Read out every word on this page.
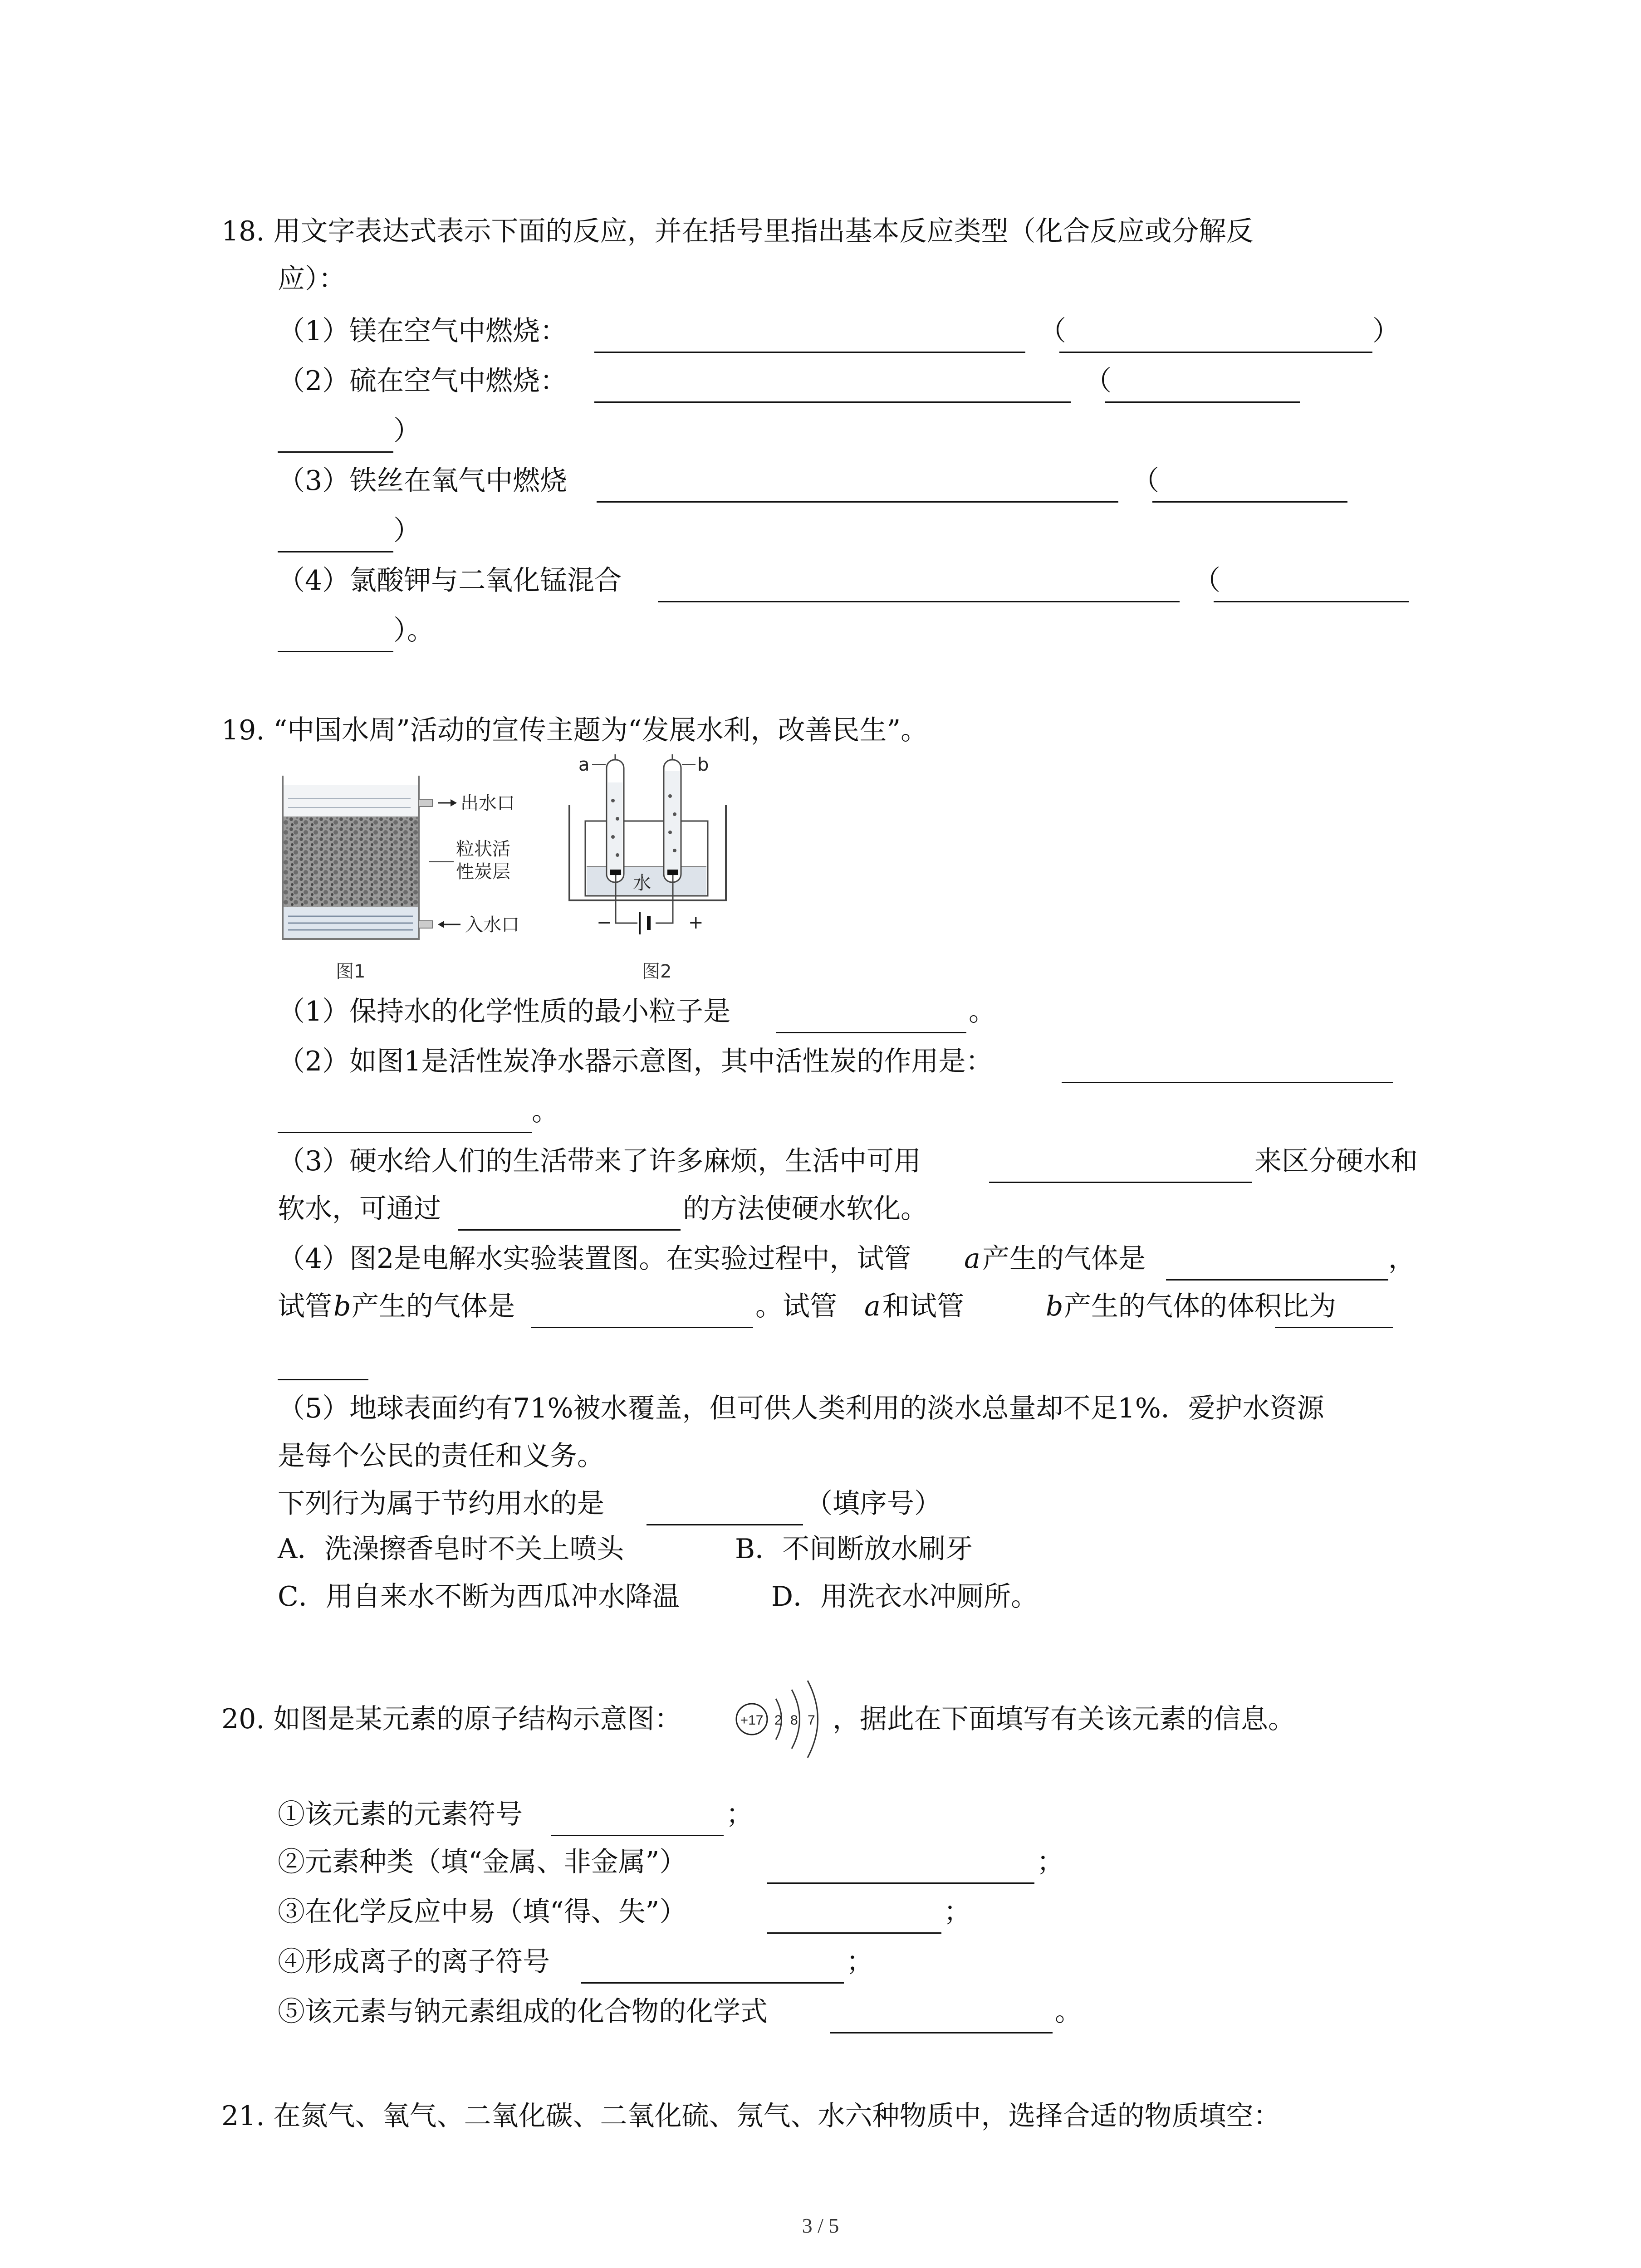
18. 用文字表达式表示下面的反应，并在括号里指出基本反应类型（化合反应或分解反
应）：
（1）镁在空气中燃烧：	（	）
（2）硫在空气中燃烧：	（
）
（3）铁丝在氧气中燃烧	（
）
（4）氯酸钾与二氧化锰混合	（
）。
19. “中国水周”活动的宣传主题为“发展水利，改善民生”。
出水口
粒状活
性炭层
入水口
图1
a	b
水
−	+
图2
（1）保持水的化学性质的最小粒子是	。
（2）如图1是活性炭净水器示意图，其中活性炭的作用是：
。
（3）硬水给人们的生活带来了许多麻烦，生活中可用	来区分硬水和
软水，可通过	的方法使硬水软化。
（4）图2是电解水实验装置图。在实验过程中，试管 a 产生的气体是	，
试管 b 产生的气体是	。试管 a 和试管	b 产生的气体的体积比为
（5）地球表面约有71%被水覆盖，但可供人类利用的淡水总量却不足1%．爱护水资源
是每个公民的责任和义务。
下列行为属于节约用水的是	（填序号）
A．洗澡擦香皂时不关上喷头	B．不间断放水刷牙
C．用自来水不断为西瓜冲水降温	D．用洗衣水冲厕所。
20. 如图是某元素的原子结构示意图：	+17 2 8 7 ，据此在下面填写有关该元素的信息。
①该元素的元素符号	；
②元素种类（填“金属、非金属”）	；
③在化学反应中易（填“得、失”）	；
④形成离子的离子符号	；
⑤该元素与钠元素组成的化合物的化学式	。
21. 在氮气、氧气、二氧化碳、二氧化硫、氖气、水六种物质中，选择合适的物质填空：
3 / 5
